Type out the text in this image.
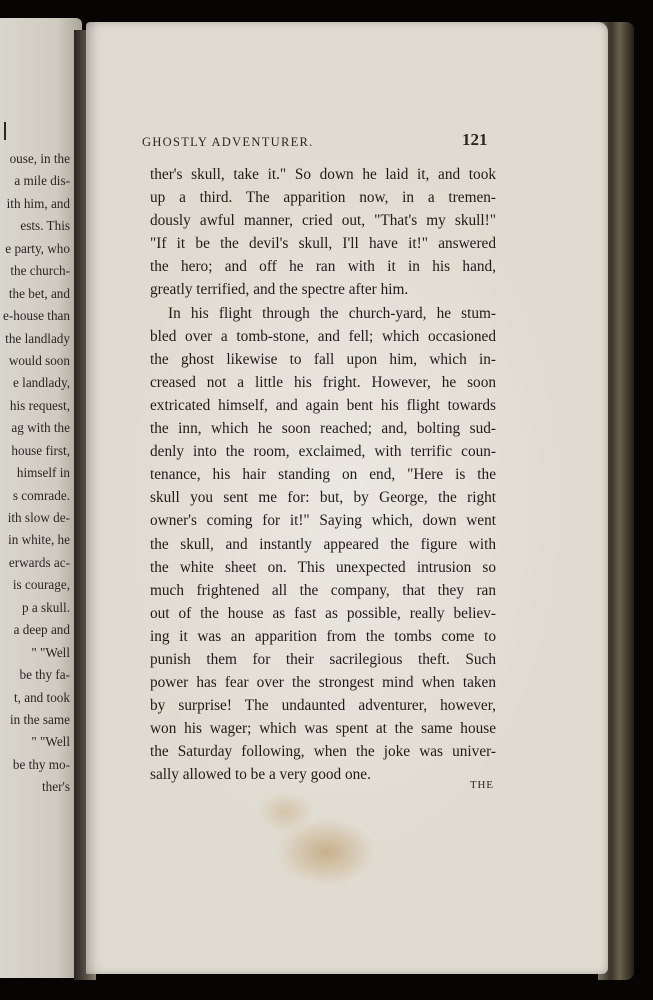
ouse, in the
a mile dis-
ith him, and
ests. This
e party, who
the church-
the bet, and
e-house than
the landlady
would soon
e landlady,
his request,
ag with the
house first,
himself in
s comrade.
ith slow de-
in white, he
erwards ac-
is courage,
p a skull.
a deep and
" "Well
be thy fa-
t, and took
in the same
" "Well
be thy mo-
ther's
GHOSTLY ADVENTURER.	121
ther's skull, take it." So down he laid it, and took
up a third. The apparition now, in a tremen-
dously awful manner, cried out, "That's my skull!"
"If it be the devil's skull, I'll have it!" answered
the hero; and off he ran with it in his hand,
greatly terrified, and the spectre after him.
In his flight through the church-yard, he stum-
bled over a tomb-stone, and fell; which occasioned
the ghost likewise to fall upon him, which in-
creased not a little his fright. However, he soon
extricated himself, and again bent his flight towards
the inn, which he soon reached; and, bolting sud-
denly into the room, exclaimed, with terrific coun-
tenance, his hair standing on end, "Here is the
skull you sent me for: but, by George, the right
owner's coming for it!" Saying which, down went
the skull, and instantly appeared the figure with
the white sheet on. This unexpected intrusion so
much frightened all the company, that they ran
out of the house as fast as possible, really believ-
ing it was an apparition from the tombs come to
punish them for their sacrilegious theft. Such
power has fear over the strongest mind when taken
by surprise! The undaunted adventurer, however,
won his wager; which was spent at the same house
the Saturday following, when the joke was univer-
sally allowed to be a very good one.
THE
